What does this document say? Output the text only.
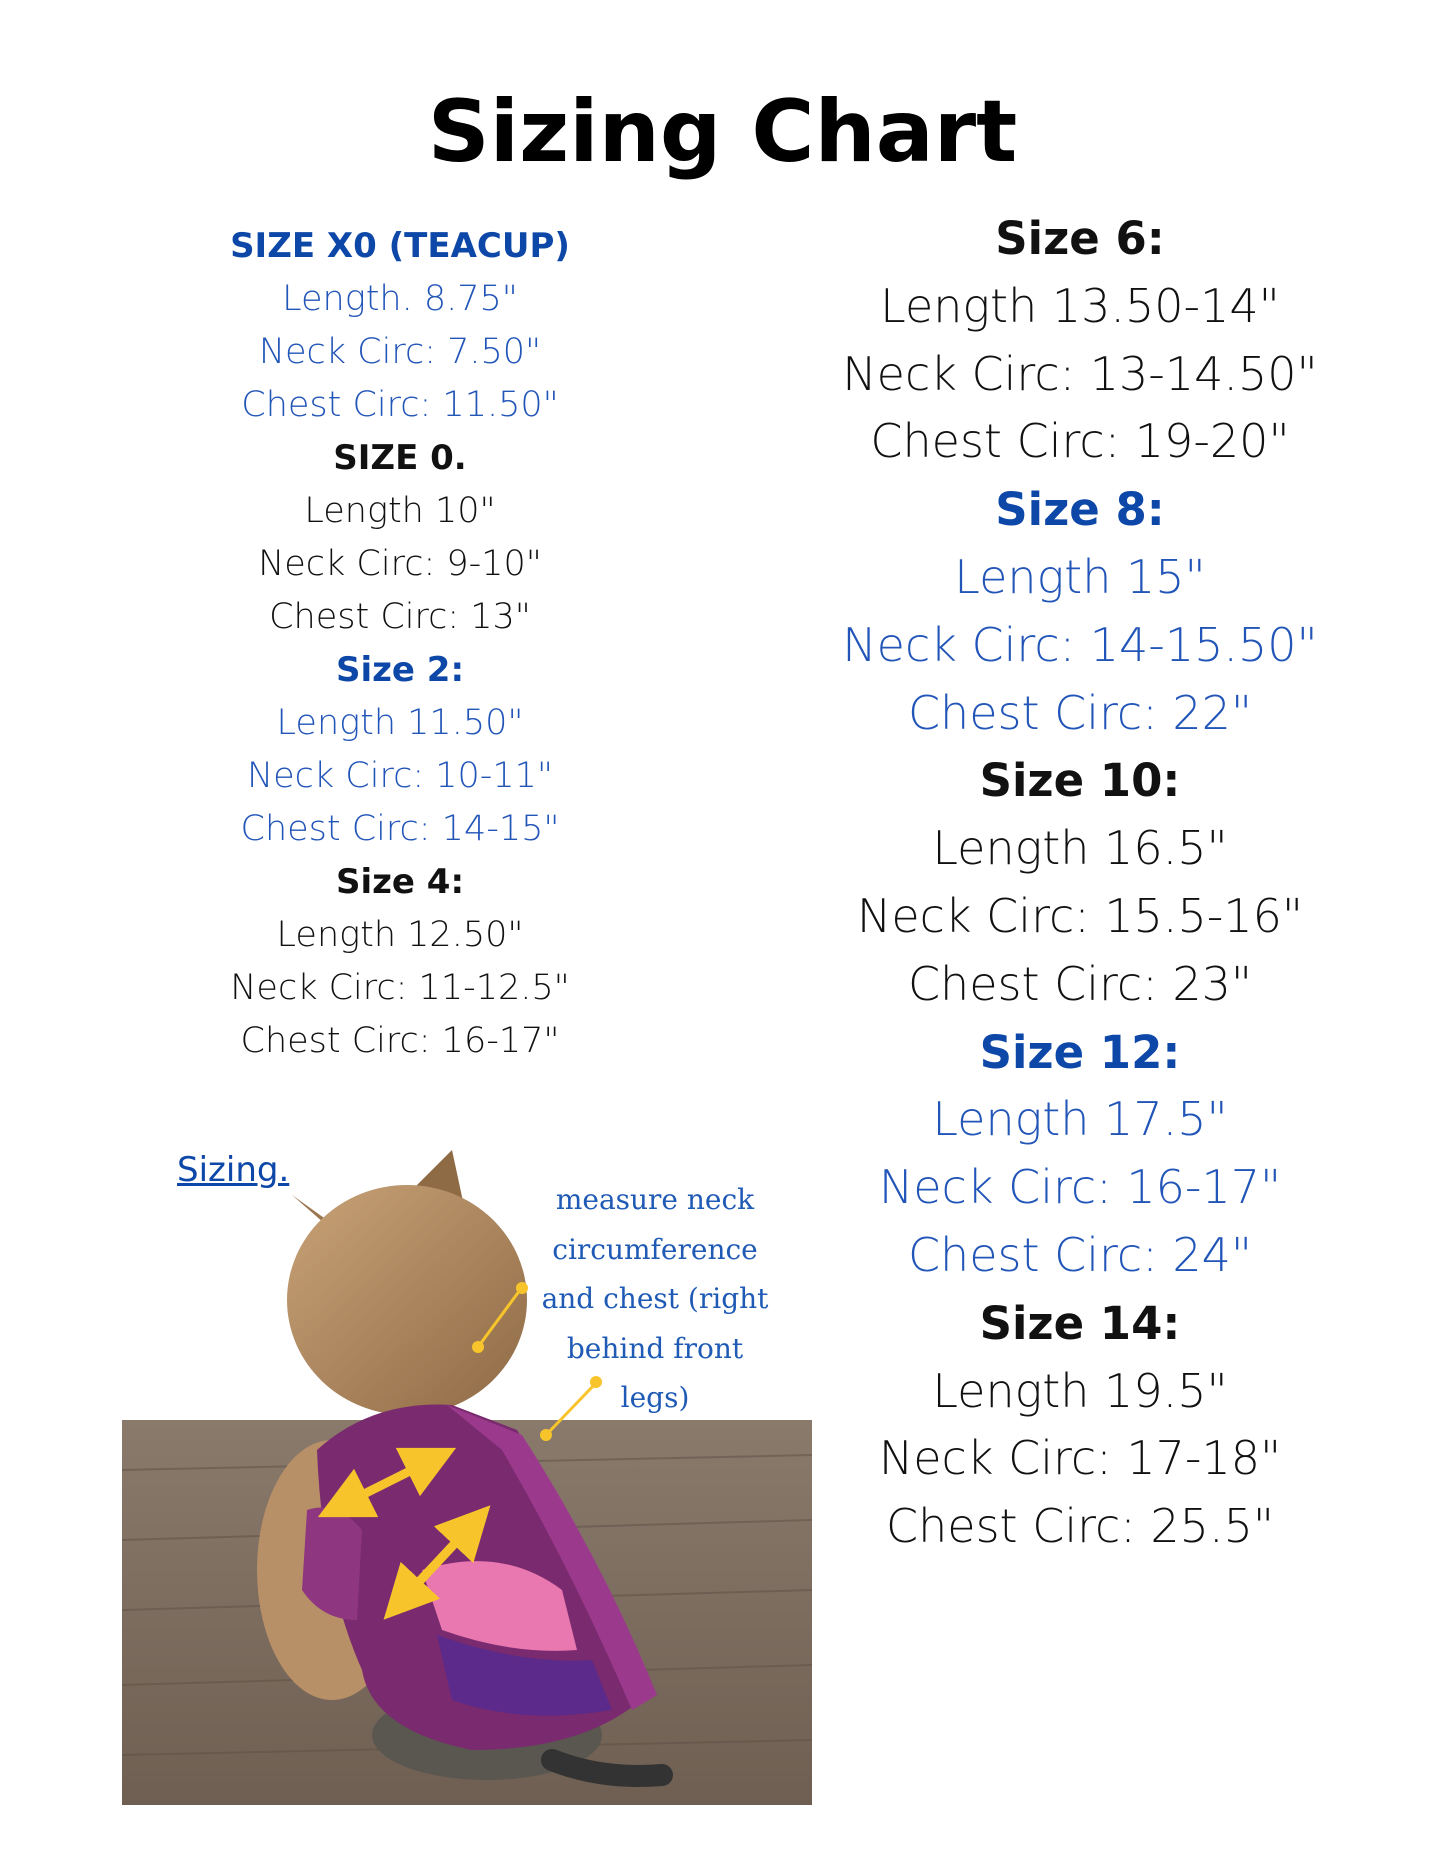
Sizing Chart
SIZE X0 (TEACUP)
Length. 8.75"
Neck Circ: 7.50"
Chest Circ: 11.50"
SIZE 0.
Length 10"
Neck Circ: 9-10"
Chest Circ: 13"
Size 2:
Length 11.50"
Neck Circ: 10-11"
Chest Circ: 14-15"
Size 4:
Length 12.50"
Neck Circ: 11-12.5"
Chest Circ: 16-17"
Size 6:
Length 13.50-14"
Neck Circ: 13-14.50"
Chest Circ: 19-20"
Size 8:
Length 15"
Neck Circ: 14-15.50"
Chest Circ: 22"
Size 10:
Length 16.5"
Neck Circ: 15.5-16"
Chest Circ: 23"
Size 12:
Length 17.5"
Neck Circ: 16-17"
Chest Circ: 24"
Size 14:
Length 19.5"
Neck Circ: 17-18"
Chest Circ: 25.5"
Sizing.
measure neck
circumference
and chest (right
behind front
legs)
